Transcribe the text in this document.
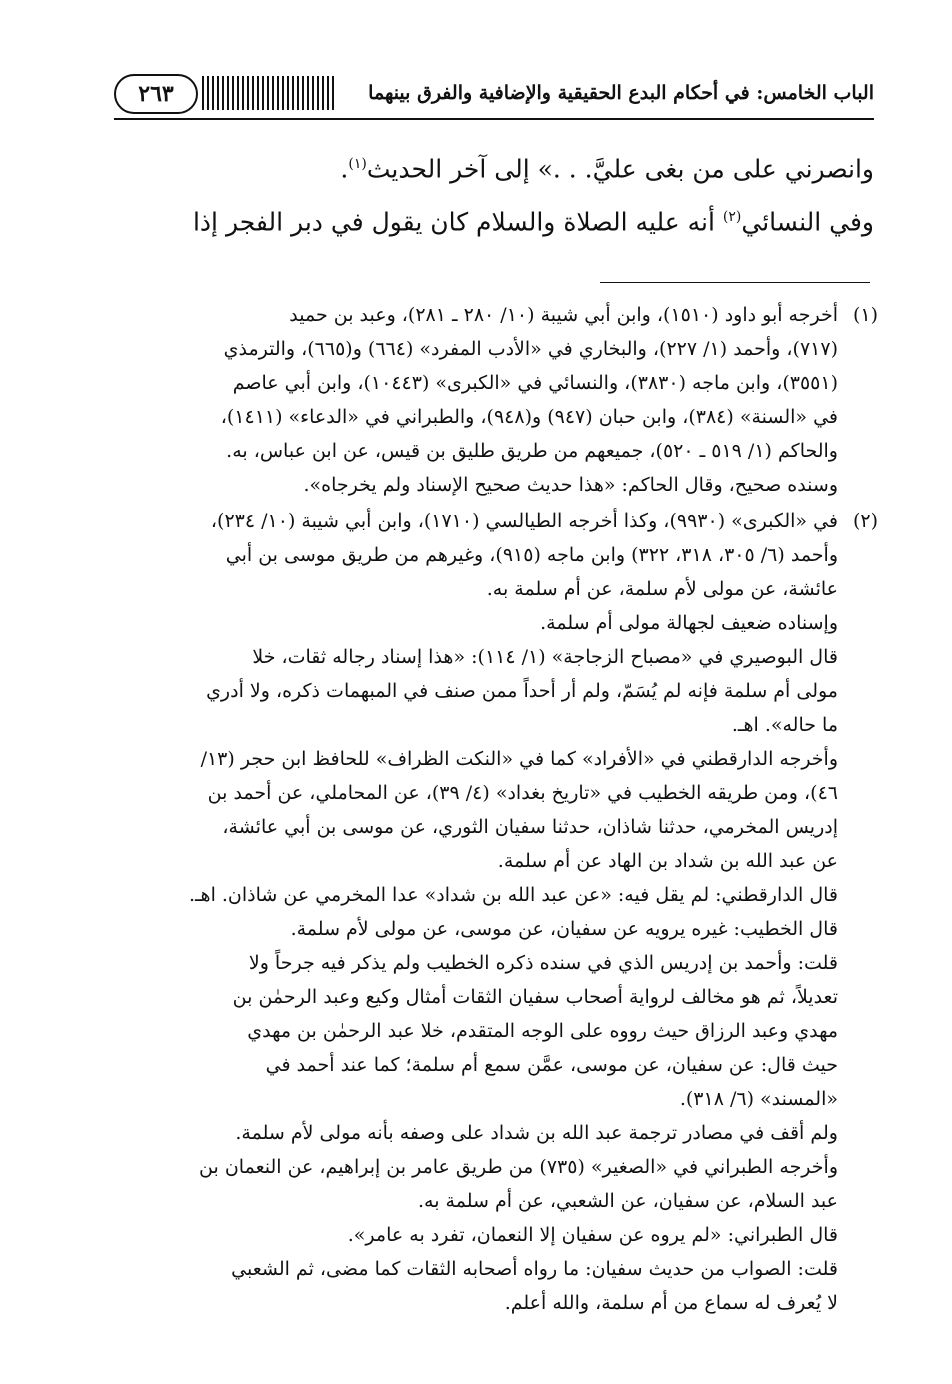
الباب الخامس: في أحكام البدع الحقيقية والإضافية والفرق بينهما
٢٦٣
وانصرني على من بغى عليَّ. . .» إلى آخر الحديث$^{(١)}$.
وفي النسائي$^{(٢)}$ أنه عليه الصلاة والسلام كان يقول في دبر الفجر إذا
(١)
أخرجه أبو داود (١٥١٠)، وابن أبي شيبة (١٠/ ٢٨٠ ـ ٢٨١)، وعبد بن حميد
(٧١٧)، وأحمد (١/ ٢٢٧)، والبخاري في «الأدب المفرد» (٦٦٤) و(٦٦٥)، والترمذي
(٣٥٥١)، وابن ماجه (٣٨٣٠)، والنسائي في «الكبرى» (١٠٤٤٣)، وابن أبي عاصم
في «السنة» (٣٨٤)، وابن حبان (٩٤٧) و(٩٤٨)، والطبراني في «الدعاء» (١٤١١)،
والحاكم (١/ ٥١٩ ـ ٥٢٠)، جميعهم من طريق طليق بن قيس، عن ابن عباس، به.
وسنده صحيح، وقال الحاكم: «هذا حديث صحيح الإسناد ولم يخرجاه».
(٢)
في «الكبرى» (٩٩٣٠)، وكذا أخرجه الطيالسي (١٧١٠)، وابن أبي شيبة (١٠/ ٢٣٤)،
وأحمد (٦/ ٣٠٥، ٣١٨، ٣٢٢) وابن ماجه (٩١٥)، وغيرهم من طريق موسى بن أبي
عائشة، عن مولى لأم سلمة، عن أم سلمة به.
وإسناده ضعيف لجهالة مولى أم سلمة.
قال البوصيري في «مصباح الزجاجة» (١/ ١١٤): «هذا إسناد رجاله ثقات، خلا
مولى أم سلمة فإنه لم يُسَمّ، ولم أر أحداً ممن صنف في المبهمات ذكره، ولا أدري
ما حاله». اهـ.
وأخرجه الدارقطني في «الأفراد» كما في «النكت الظراف» للحافظ ابن حجر (١٣/
٤٦)، ومن طريقه الخطيب في «تاريخ بغداد» (٤/ ٣٩)، عن المحاملي، عن أحمد بن
إدريس المخرمي، حدثنا شاذان، حدثنا سفيان الثوري، عن موسى بن أبي عائشة،
عن عبد الله بن شداد بن الهاد عن أم سلمة.
قال الدارقطني: لم يقل فيه: «عن عبد الله بن شداد» عدا المخرمي عن شاذان. اهـ.
قال الخطيب: غيره يرويه عن سفيان، عن موسى، عن مولى لأم سلمة.
قلت: وأحمد بن إدريس الذي في سنده ذكره الخطيب ولم يذكر فيه جرحاً ولا
تعديلاً، ثم هو مخالف لرواية أصحاب سفيان الثقات أمثال وكيع وعبد الرحمٰن بن
مهدي وعبد الرزاق حيث رووه على الوجه المتقدم، خلا عبد الرحمٰن بن مهدي
حيث قال: عن سفيان، عن موسى، عمَّن سمع أم سلمة؛ كما عند أحمد في
«المسند» (٦/ ٣١٨).
ولم أقف في مصادر ترجمة عبد الله بن شداد على وصفه بأنه مولى لأم سلمة.
وأخرجه الطبراني في «الصغير» (٧٣٥) من طريق عامر بن إبراهيم، عن النعمان بن
عبد السلام، عن سفيان، عن الشعبي، عن أم سلمة به.
قال الطبراني: «لم يروه عن سفيان إلا النعمان، تفرد به عامر».
قلت: الصواب من حديث سفيان: ما رواه أصحابه الثقات كما مضى، ثم الشعبي
لا يُعرف له سماع من أم سلمة، والله أعلم.
